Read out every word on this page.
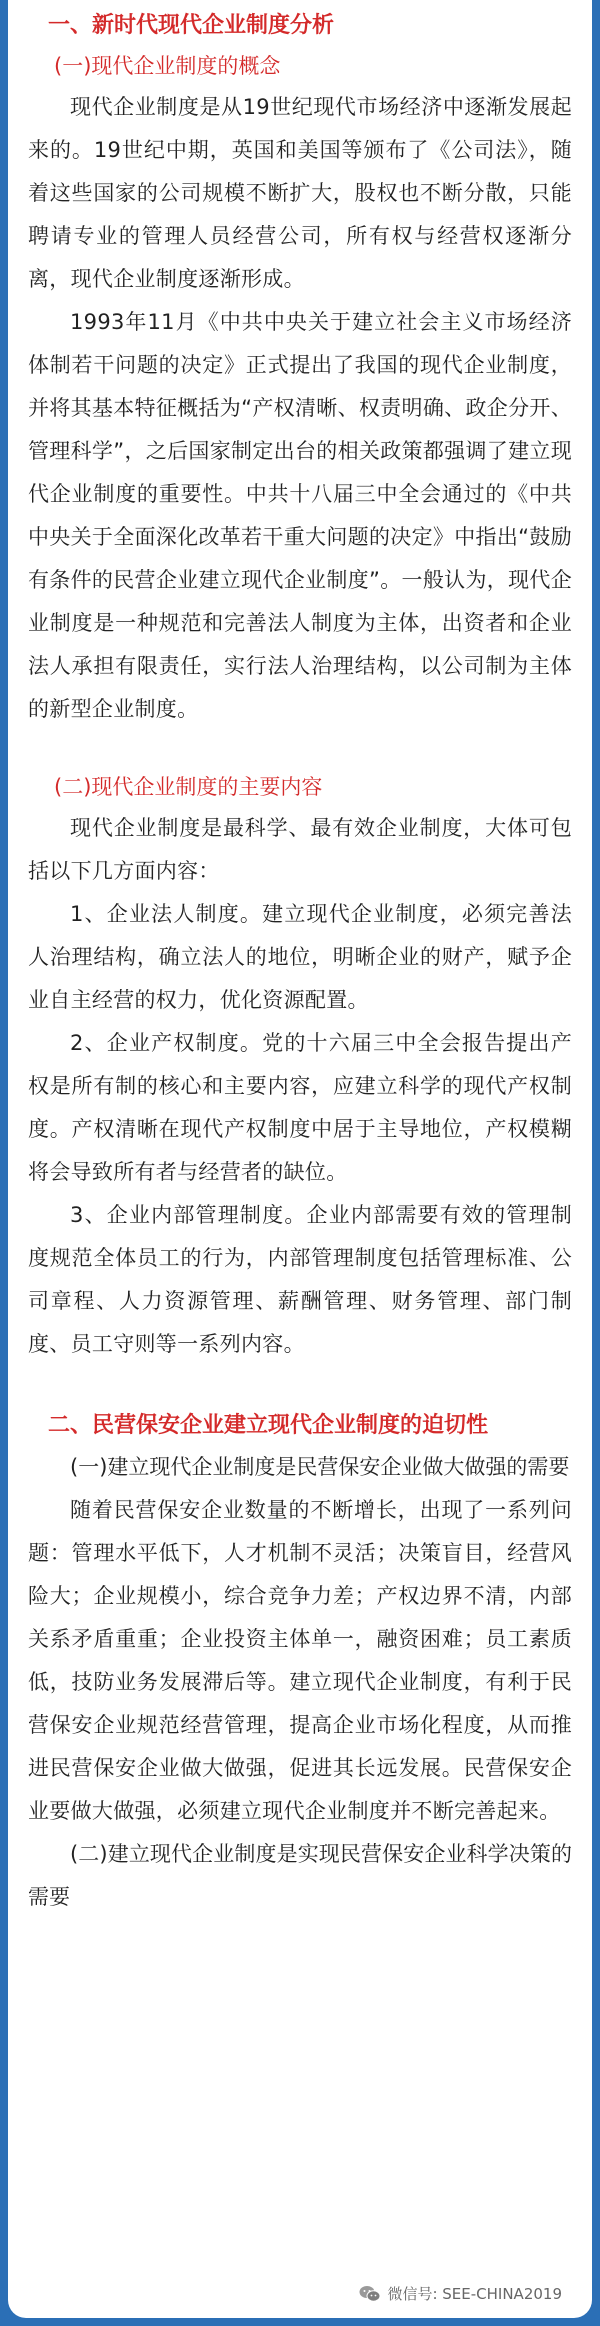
一、新时代现代企业制度分析

(一)现代企业制度的概念

现代企业制度是从19世纪现代市场经济中逐渐发展起来的。19世纪中期，英国和美国等颁布了《公司法》，随着这些国家的公司规模不断扩大，股权也不断分散，只能聘请专业的管理人员经营公司，所有权与经营权逐渐分离，现代企业制度逐渐形成。

1993年11月《中共中央关于建立社会主义市场经济体制若干问题的决定》正式提出了我国的现代企业制度，并将其基本特征概括为“产权清晰、权责明确、政企分开、管理科学”，之后国家制定出台的相关政策都强调了建立现代企业制度的重要性。中共十八届三中全会通过的《中共中央关于全面深化改革若干重大问题的决定》中指出“鼓励有条件的民营企业建立现代企业制度”。一般认为，现代企业制度是一种规范和完善法人制度为主体，出资者和企业法人承担有限责任，实行法人治理结构，以公司制为主体的新型企业制度。

(二)现代企业制度的主要内容

现代企业制度是最科学、最有效企业制度，大体可包括以下几方面内容：

1、企业法人制度。建立现代企业制度，必须完善法人治理结构，确立法人的地位，明晰企业的财产，赋予企业自主经营的权力，优化资源配置。

2、企业产权制度。党的十六届三中全会报告提出产权是所有制的核心和主要内容，应建立科学的现代产权制度。产权清晰在现代产权制度中居于主导地位，产权模糊将会导致所有者与经营者的缺位。

3、企业内部管理制度。企业内部需要有效的管理制度规范全体员工的行为，内部管理制度包括管理标准、公司章程、人力资源管理、薪酬管理、财务管理、部门制度、员工守则等一系列内容。

二、民营保安企业建立现代企业制度的迫切性

(一)建立现代企业制度是民营保安企业做大做强的需要

随着民营保安企业数量的不断增长，出现了一系列问题：管理水平低下，人才机制不灵活；决策盲目，经营风险大；企业规模小，综合竞争力差；产权边界不清，内部关系矛盾重重；企业投资主体单一，融资困难；员工素质低，技防业务发展滞后等。建立现代企业制度，有利于民营保安企业规范经营管理，提高企业市场化程度，从而推进民营保安企业做大做强，促进其长远发展。民营保安企业要做大做强，必须建立现代企业制度并不断完善起来。

(二)建立现代企业制度是实现民营保安企业科学决策的需要

微信号: SEE-CHINA2019
